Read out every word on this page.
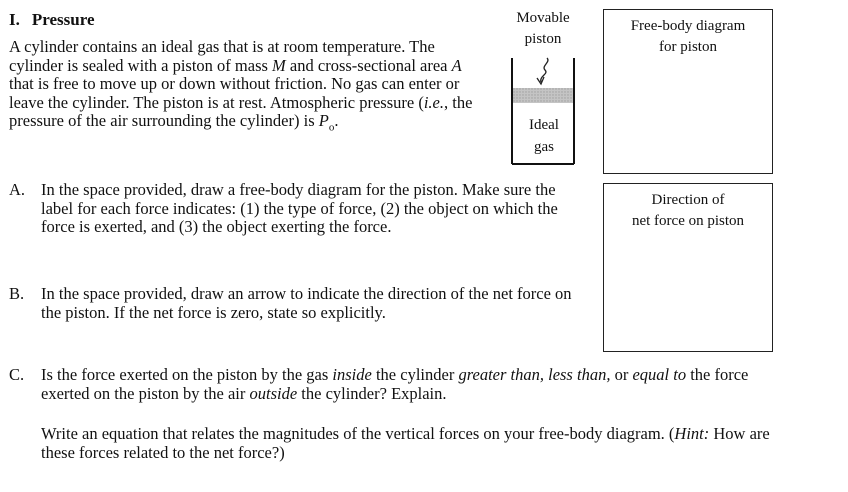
I. Pressure
A cylinder contains an ideal gas that is at room temperature. The cylinder is sealed with a piston of mass M and cross-sectional area A that is free to move up or down without friction. No gas can enter or leave the cylinder. The piston is at rest. Atmospheric pressure (i.e., the pressure of the air surrounding the cylinder) is $P_o$.
Movable
piston
Ideal
gas
Free-body diagram
for piston
Direction of
net force on piston
A. In the space provided, draw a free-body diagram for the piston. Make sure the label for each force indicates: (1) the type of force, (2) the object on which the force is exerted, and (3) the object exerting the force.
B. In the space provided, draw an arrow to indicate the direction of the net force on the piston. If the net force is zero, state so explicitly.
C. Is the force exerted on the piston by the gas inside the cylinder greater than, less than, or equal to the force exerted on the piston by the air outside the cylinder? Explain.
Write an equation that relates the magnitudes of the vertical forces on your free-body diagram. (Hint: How are these forces related to the net force?)
